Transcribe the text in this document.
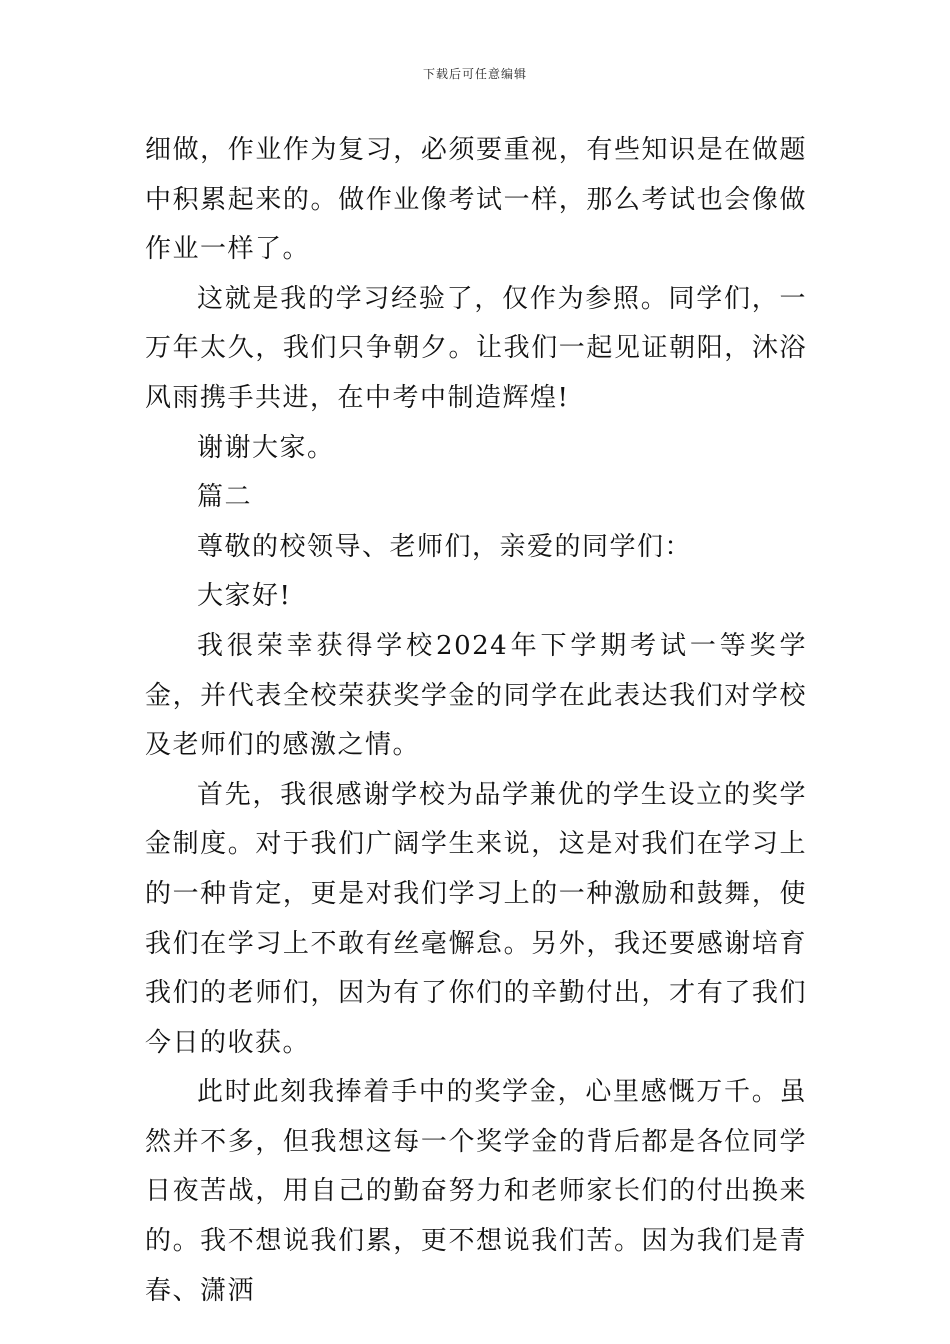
下载后可任意编辑

细做，作业作为复习，必须要重视，有些知识是在做题中积累起来的。做作业像考试一样，那么考试也会像做作业一样了。

这就是我的学习经验了，仅作为参照。同学们，一万年太久，我们只争朝夕。让我们一起见证朝阳，沐浴风雨携手共进，在中考中制造辉煌!

谢谢大家。

篇二

尊敬的校领导、老师们，亲爱的同学们：

大家好!

我很荣幸获得学校2024年下学期考试一等奖学金，并代表全校荣获奖学金的同学在此表达我们对学校及老师们的感激之情。

首先，我很感谢学校为品学兼优的学生设立的奖学金制度。对于我们广阔学生来说，这是对我们在学习上的一种肯定，更是对我们学习上的一种激励和鼓舞，使我们在学习上不敢有丝毫懈怠。另外，我还要感谢培育我们的老师们，因为有了你们的辛勤付出，才有了我们今日的收获。

此时此刻我捧着手中的奖学金，心里感慨万千。虽然并不多，但我想这每一个奖学金的背后都是各位同学日夜苦战，用自己的勤奋努力和老师家长们的付出换来的。我不想说我们累，更不想说我们苦。因为我们是青春、潇洒
